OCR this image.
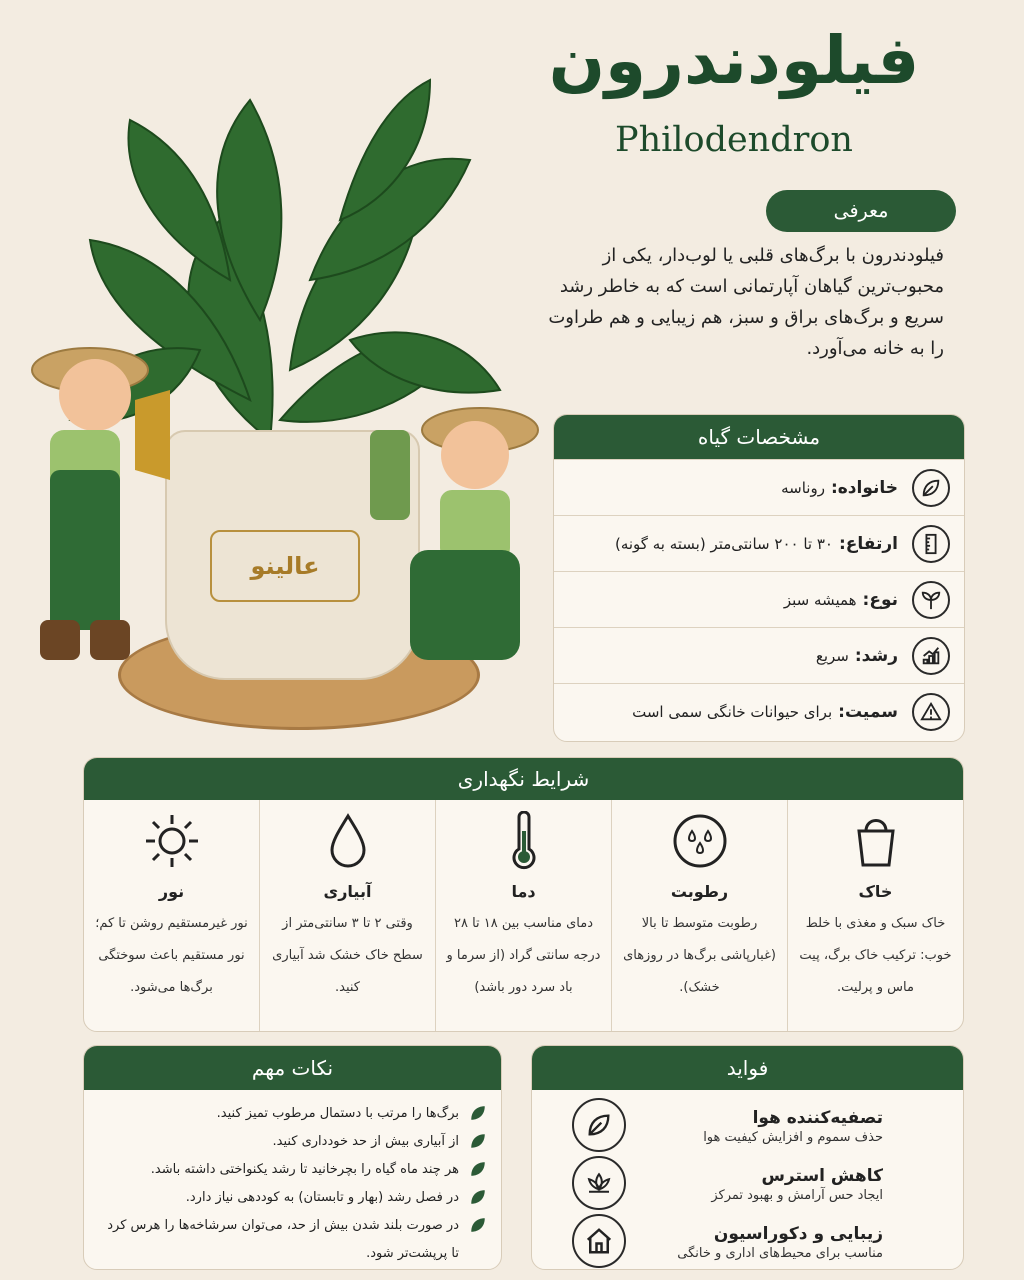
عالینو
فیلودندرون
Philodendron
معرفی
فیلودندرون با برگ‌های قلبی یا لوب‌دار، یکی از محبوب‌ترین گیاهان آپارتمانی است که به خاطر رشد سریع و برگ‌های براق و سبز، هم زیبایی و هم طراوت را به خانه می‌آورد.
مشخصات گیاه
خانواده:
روناسه
ارتفاع:
۳۰ تا ۲۰۰ سانتی‌متر (بسته به گونه)
نوع:
همیشه سبز
رشد:
سریع
سمیت:
برای حیوانات خانگی سمی است
شرایط نگهداری
خاک
خاک سبک و مغذی با خلط خوب: ترکیب خاک برگ، پیت ماس و پرلیت.
رطوبت
رطوبت متوسط تا بالا (غبارپاشی برگ‌ها در روزهای خشک).
دما
دمای مناسب بین ۱۸ تا ۲۸ درجه سانتی گراد (از سرما و باد سرد دور باشد)
آبیاری
وقتی ۲ تا ۳ سانتی‌متر از سطح خاک خشک شد آبیاری کنید.
نور
نور غیرمستقیم روشن تا کم؛ نور مستقیم باعث سوختگی برگ‌ها می‌شود.
نکات مهم
برگ‌ها را مرتب با دستمال مرطوب تمیز کنید.
از آبیاری بیش از حد خودداری کنید.
هر چند ماه گیاه را بچرخانید تا رشد یکنواختی داشته باشد.
در فصل رشد (بهار و تابستان) به کوددهی نیاز دارد.
در صورت بلند شدن بیش از حد، می‌توان سرشاخه‌ها را هرس کرد تا پرپشت‌تر شود.
فواید
تصفیه‌کننده هوا
حذف سموم و افزایش کیفیت هوا
کاهش استرس
ایجاد حس آرامش و بهبود تمرکز
زیبایی و دکوراسیون
مناسب برای محیط‌های اداری و خانگی
